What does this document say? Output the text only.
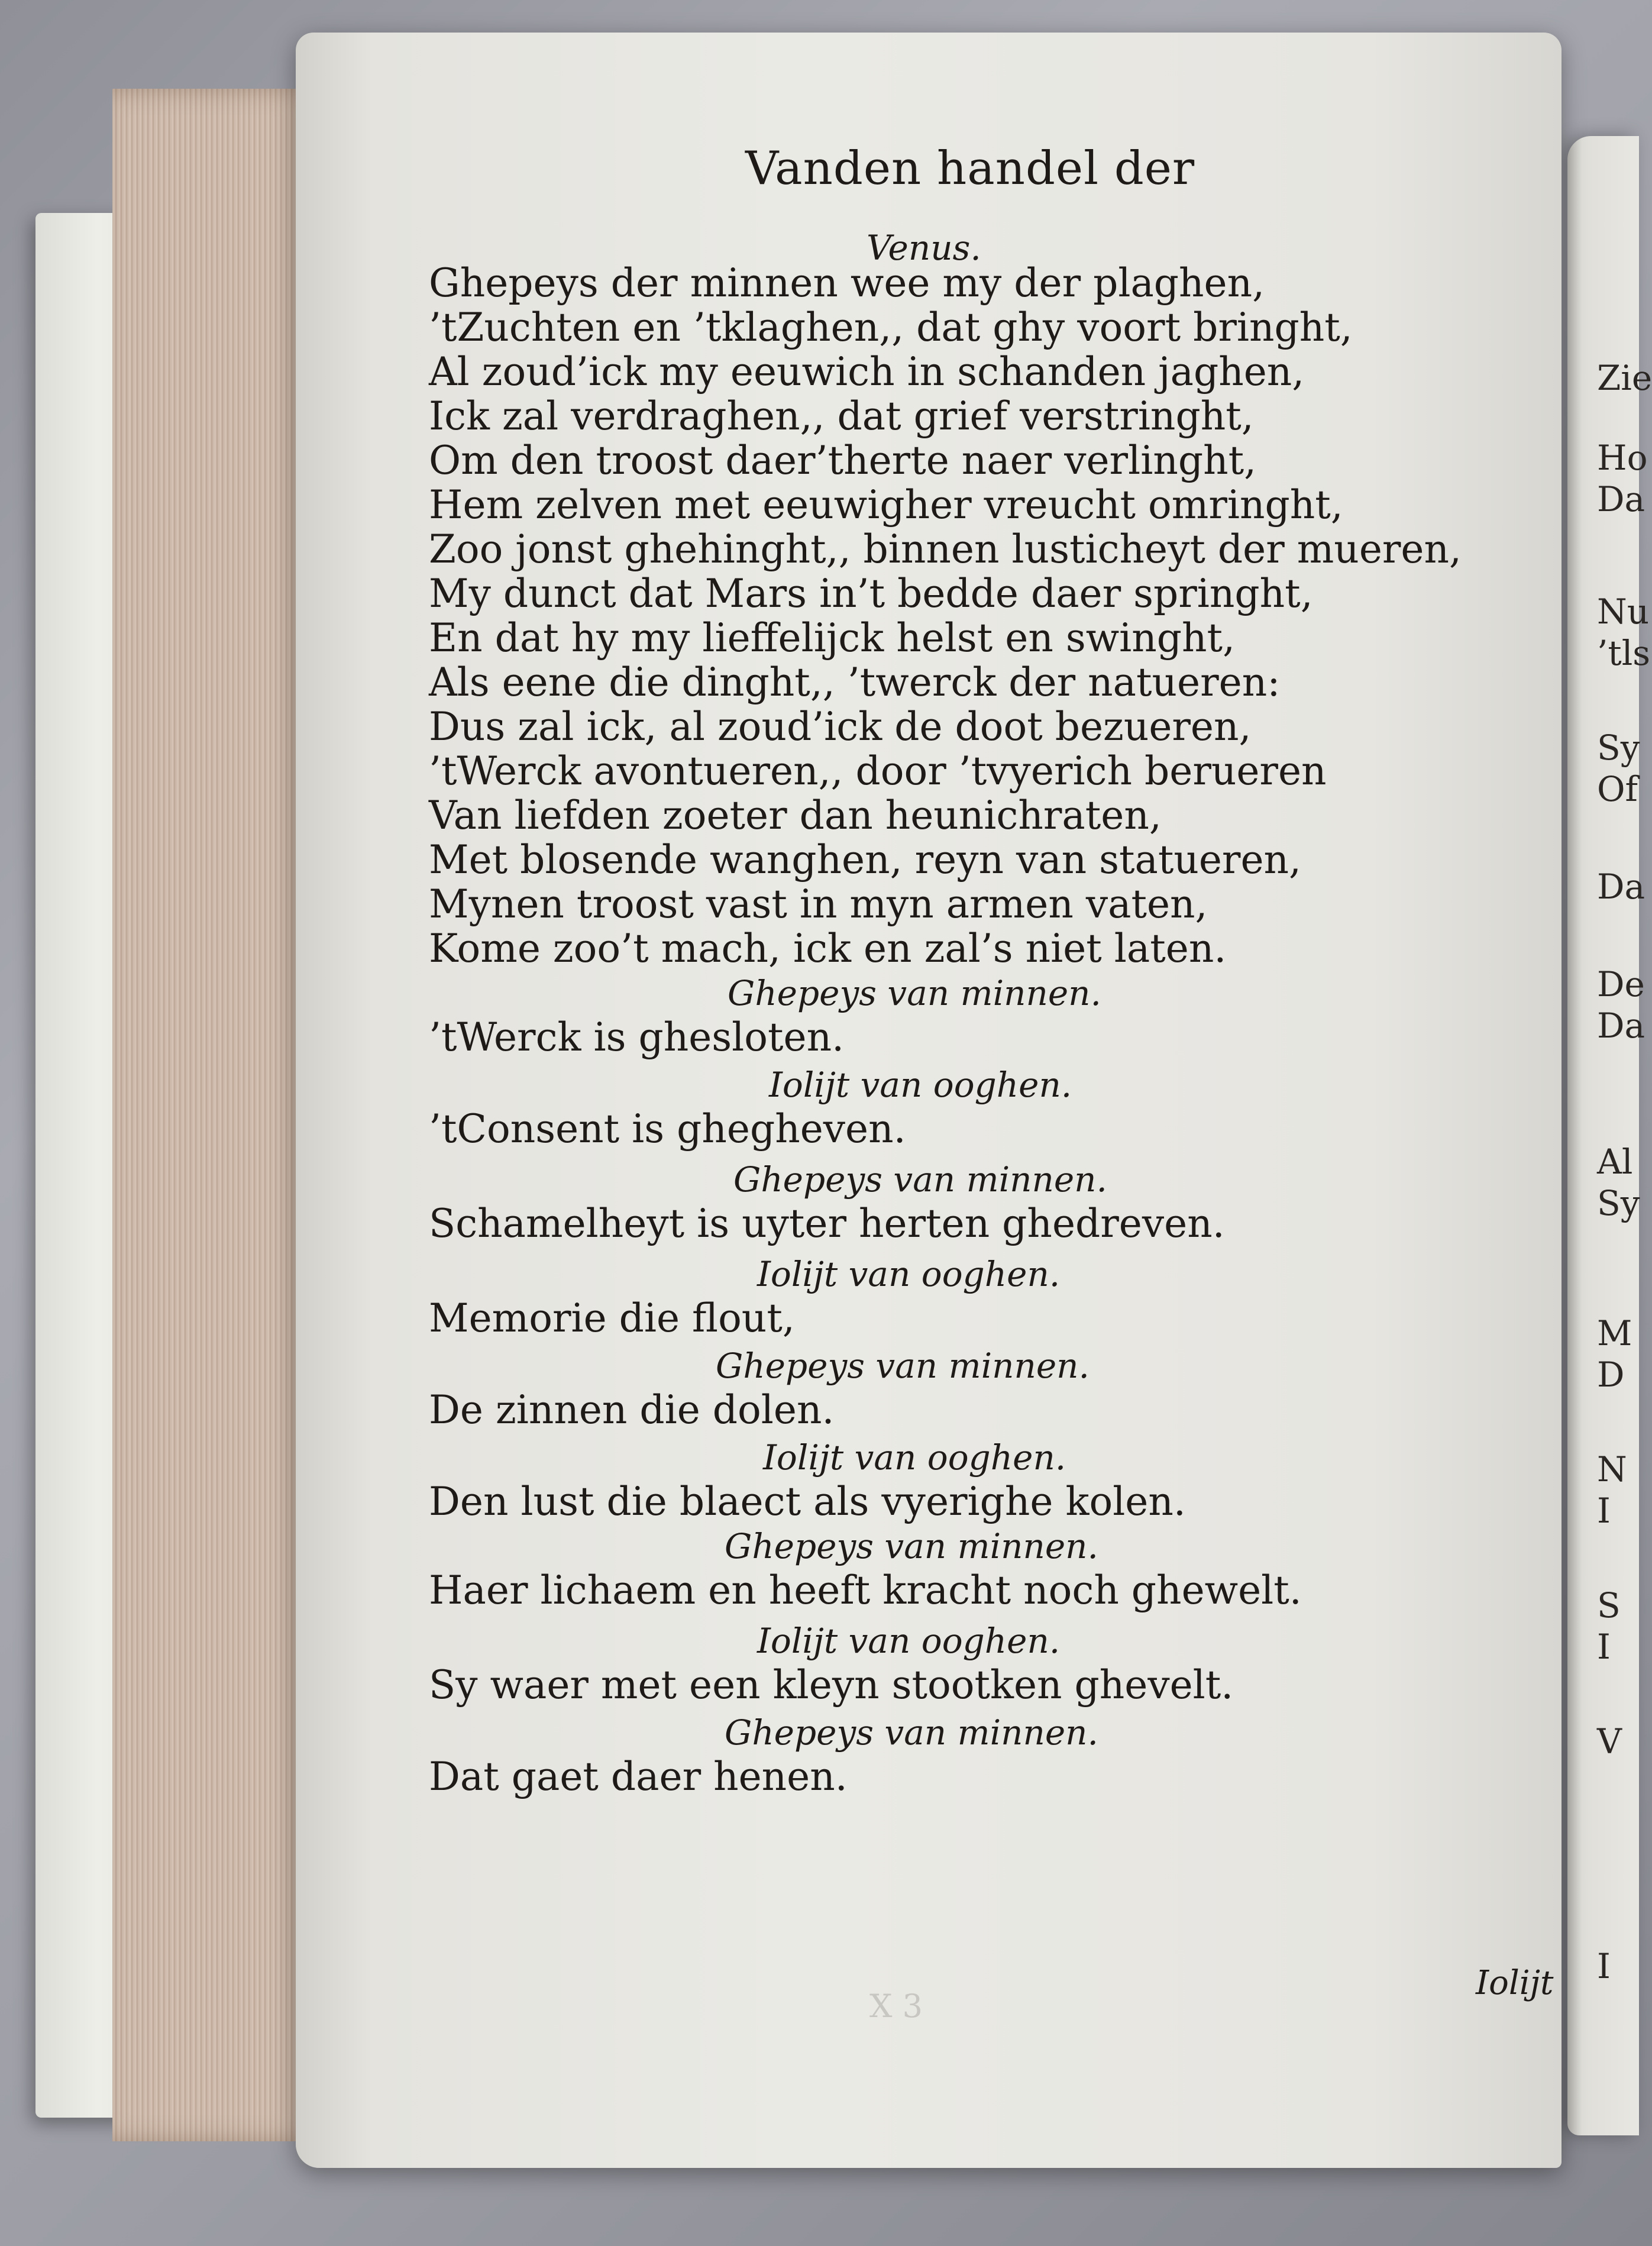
Zie
Ho
Da
Nu
’tls
Sy
Of
Da
De
Da
Al
Sy
M
D
N
I
S
I
V
I
Vanden handel der
Venus.
Ghepeys der minnen wee my der plaghen,
’tZuchten en ’tklaghen,, dat ghy voort bringht,
Al zoud’ick my eeuwich in schanden jaghen,
Ick zal verdraghen,, dat grief verstringht,
Om den troost daer’therte naer verlinght,
Hem zelven met eeuwigher vreucht omringht,
Zoo jonst ghehinght,, binnen lusticheyt der mueren,
My dunct dat Mars in’t bedde daer springht,
En dat hy my lieffelijck helst en swinght,
Als eene die dinght,, ’twerck der natueren:
Dus zal ick, al zoud’ick de doot bezueren,
’tWerck avontueren,, door ’tvyerich berueren
Van liefden zoeter dan heunichraten,
Met blosende wanghen, reyn van statueren,
Mynen troost vast in myn armen vaten,
Kome zoo’t mach, ick en zal’s niet laten.
Ghepeys van minnen.
’tWerck is ghesloten.
Iolijt van ooghen.
’tConsent is ghegheven.
Ghepeys van minnen.
Schamelheyt is uyter herten ghedreven.
Iolijt van ooghen.
Memorie die flout,
Ghepeys van minnen.
De zinnen die dolen.
Iolijt van ooghen.
Den lust die blaect als vyerighe kolen.
Ghepeys van minnen.
Haer lichaem en heeft kracht noch ghewelt.
Iolijt van ooghen.
Sy waer met een kleyn stootken ghevelt.
Ghepeys van minnen.
Dat gaet daer henen.
X 3
Iolijt
